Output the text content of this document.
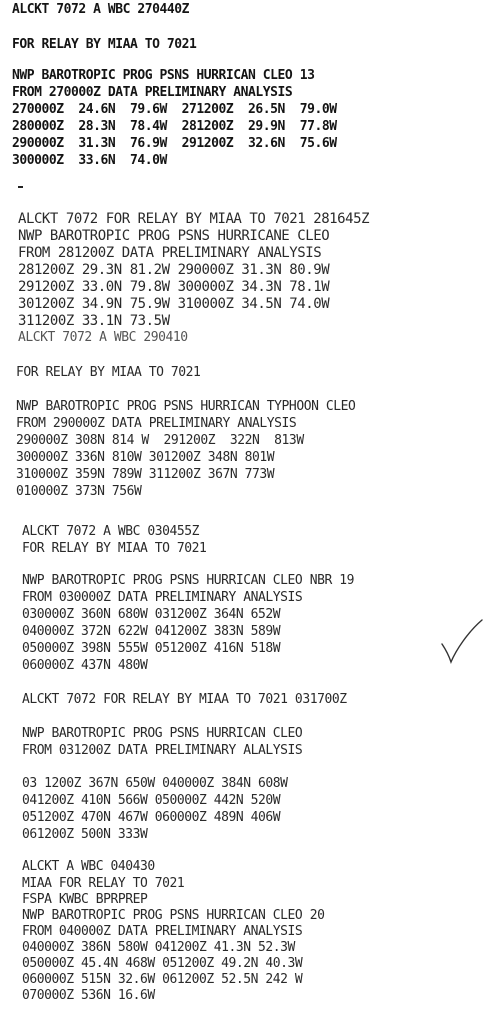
ALCKT 7072 A WBC 270440Z
FOR RELAY BY MIAA TO 7021
NWP BAROTROPIC PROG PSNS HURRICAN CLEO 13
FROM 270000Z DATA PRELIMINARY ANALYSIS
270000Z  24.6N  79.6W  271200Z  26.5N  79.0W
280000Z  28.3N  78.4W  281200Z  29.9N  77.8W
290000Z  31.3N  76.9W  291200Z  32.6N  75.6W
300000Z  33.6N  74.0W
ALCKT 7072 FOR RELAY BY MIAA TO 7021 281645Z
NWP BAROTROPIC PROG PSNS HURRICANE CLEO
FROM 281200Z DATA PRELIMINARY ANALYSIS
281200Z 29.3N 81.2W 290000Z 31.3N 80.9W
291200Z 33.0N 79.8W 300000Z 34.3N 78.1W
301200Z 34.9N 75.9W 310000Z 34.5N 74.0W
311200Z 33.1N 73.5W
ALCKT 7072 A WBC 290410
FOR RELAY BY MIAA TO 7021
NWP BAROTROPIC PROG PSNS HURRICAN TYPHOON CLEO
FROM 290000Z DATA PRELIMINARY ANALYSIS
290000Z 308N 814 W  291200Z  322N  813W
300000Z 336N 810W 301200Z 348N 801W
310000Z 359N 789W 311200Z 367N 773W
010000Z 373N 756W
ALCKT 7072 A WBC 030455Z
FOR RELAY BY MIAA TO 7021
NWP BAROTROPIC PROG PSNS HURRICAN CLEO NBR 19
FROM 030000Z DATA PRELIMINARY ANALYSIS
030000Z 360N 680W 031200Z 364N 652W
040000Z 372N 622W 041200Z 383N 589W
050000Z 398N 555W 051200Z 416N 518W
060000Z 437N 480W
ALCKT 7072 FOR RELAY BY MIAA TO 7021 031700Z
NWP BAROTROPIC PROG PSNS HURRICAN CLEO
FROM 031200Z DATA PRELIMINARY ALALYSIS
03 1200Z 367N 650W 040000Z 384N 608W
041200Z 410N 566W 050000Z 442N 520W
051200Z 470N 467W 060000Z 489N 406W
061200Z 500N 333W
ALCKT A WBC 040430
MIAA FOR RELAY TO 7021
FSPA KWBC BPRPREP
NWP BAROTROPIC PROG PSNS HURRICAN CLEO 20
FROM 040000Z DATA PRELIMINARY ANALYSIS
040000Z 386N 580W 041200Z 41.3N 52.3W
050000Z 45.4N 468W 051200Z 49.2N 40.3W
060000Z 515N 32.6W 061200Z 52.5N 242 W
070000Z 536N 16.6W
